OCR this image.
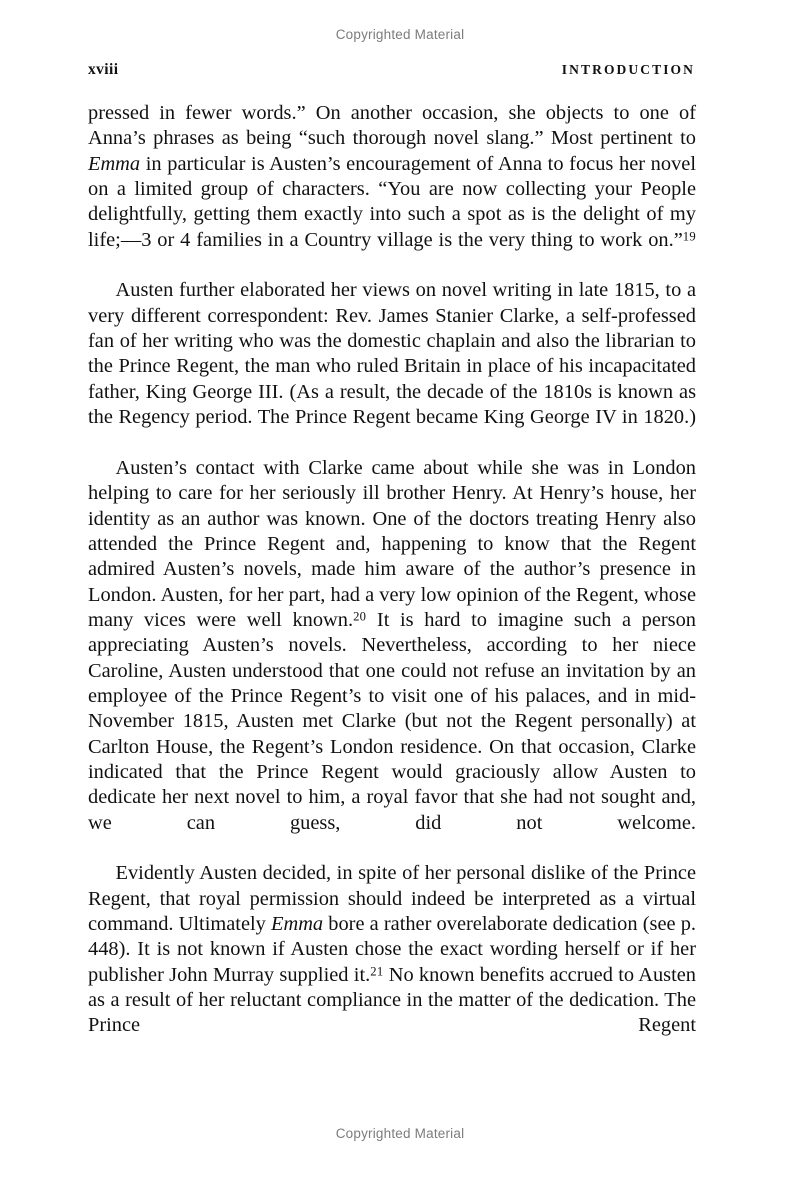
Copyrighted Material
xviii	INTRODUCTION

pressed in fewer words.” On another occasion, she objects to one of Anna’s phrases as being “such thorough novel slang.” Most pertinent to Emma in particular is Austen’s encouragement of Anna to focus her novel on a limited group of characters. “You are now collecting your People delightfully, getting them exactly into such a spot as is the delight of my life;—3 or 4 families in a Country village is the very thing to work on.”$^{19}$

Austen further elaborated her views on novel writing in late 1815, to a very different correspondent: Rev. James Stanier Clarke, a self-professed fan of her writing who was the domestic chaplain and also the librarian to the Prince Regent, the man who ruled Britain in place of his incapacitated father, King George III. (As a result, the decade of the 1810s is known as the Regency period. The Prince Regent became King George IV in 1820.)

Austen’s contact with Clarke came about while she was in London helping to care for her seriously ill brother Henry. At Henry’s house, her identity as an author was known. One of the doctors treating Henry also attended the Prince Regent and, happening to know that the Regent admired Austen’s novels, made him aware of the author’s presence in London. Austen, for her part, had a very low opinion of the Regent, whose many vices were well known.$^{20}$ It is hard to imagine such a person appreciating Austen’s novels. Nevertheless, according to her niece Caroline, Austen understood that one could not refuse an invitation by an employee of the Prince Regent’s to visit one of his palaces, and in mid-November 1815, Austen met Clarke (but not the Regent personally) at Carlton House, the Regent’s London residence. On that occasion, Clarke indicated that the Prince Regent would graciously allow Austen to dedicate her next novel to him, a royal favor that she had not sought and, we can guess, did not welcome.

Evidently Austen decided, in spite of her personal dislike of the Prince Regent, that royal permission should indeed be interpreted as a virtual command. Ultimately Emma bore a rather overelaborate dedication (see p. 448). It is not known if Austen chose the exact wording herself or if her publisher John Murray supplied it.$^{21}$ No known benefits accrued to Austen as a result of her reluctant compliance in the matter of the dedication. The Prince Regent

Copyrighted Material
